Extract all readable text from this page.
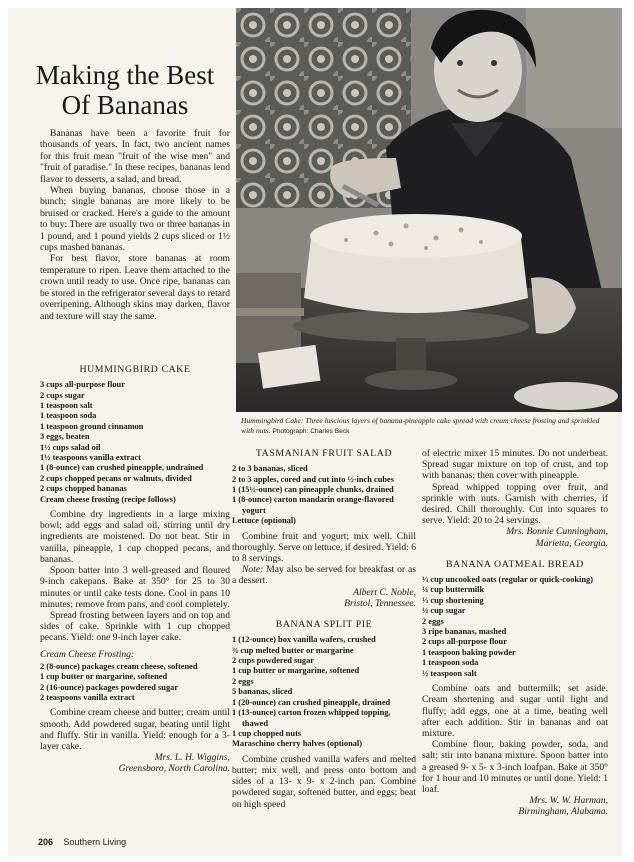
Making the Best Of Bananas

Bananas have been a favorite fruit for thousands of years. In fact, two ancient names for this fruit mean "fruit of the wise men" and "fruit of paradise." In these recipes, bananas lend flavor to desserts, a salad, and bread.

When buying bananas, choose those in a bunch; single bananas are more likely to be bruised or cracked. Here's a guide to the amount to buy: There are usually two or three bananas in 1 pound, and 1 pound yields 2 cups sliced or 1½ cups mashed bananas.

For best flavor, store bananas at room temperature to ripen. Leave them attached to the crown until ready to use. Once ripe, bananas can be stored in the refrigerator several days to retard overripening. Although skins may darken, flavor and texture will stay the same.

Hummingbird Cake: Three luscious layers of banana-pineapple cake spread with cream cheese frosting and sprinkled with nuts. Photograph: Charles Beck
HUMMINGBIRD CAKE
3 cups all-purpose flour
2 cups sugar
1 teaspoon salt
1 teaspoon soda
1 teaspoon ground cinnamon
3 eggs, beaten
1½ cups salad oil
1½ teaspoons vanilla extract
1 (8-ounce) can crushed pineapple, undrained
2 cups chopped pecans or walnuts, divided
2 cups chopped bananas
Cream cheese frosting (recipe follows)

Combine dry ingredients in a large mixing bowl; add eggs and salad oil, stirring until dry ingredients are moistened. Do not beat. Stir in vanilla, pineapple, 1 cup chopped pecans, and bananas.

Spoon batter into 3 well-greased and floured 9-inch cakepans. Bake at 350° for 25 to 30 minutes or until cake tests done. Cool in pans 10 minutes; remove from pans, and cool completely.

Spread frosting between layers and on top and sides of cake. Sprinkle with 1 cup chopped pecans. Yield: one 9-inch layer cake.

Cream Cheese Frosting:
2 (8-ounce) packages cream cheese, softened
1 cup butter or margarine, softened
2 (16-ounce) packages powdered sugar
2 teaspoons vanilla extract

Combine cream cheese and butter; cream until smooth. Add powdered sugar, beating until light and fluffy. Stir in vanilla. Yield: enough for a 3-layer cake.

Mrs. L. H. Wiggins,
Greensboro, North Carolina.
TASMANIAN FRUIT SALAD
2 to 3 bananas, sliced
2 to 3 apples, cored and cut into ½-inch cubes
1 (15½-ounce) can pineapple chunks, drained
1 (8-ounce) carton mandarin orange-flavored yogurt
Lettuce (optional)

Combine fruit and yogurt; mix well. Chill thoroughly. Serve on lettuce, if desired. Yield: 6 to 8 servings.

Note: May also be served for breakfast or as a dessert.

Albert C. Noble,
Bristol, Tennessee.
BANANA SPLIT PIE
1 (12-ounce) box vanilla wafers, crushed
¾ cup melted butter or margarine
2 cups powdered sugar
1 cup butter or margarine, softened
2 eggs
5 bananas, sliced
1 (20-ounce) can crushed pineapple, drained
1 (13-ounce) carton frozen whipped topping, thawed
1 cup chopped nuts
Maraschino cherry halves (optional)

Combine crushed vanilla wafers and melted butter; mix well, and press onto bottom and sides of a 13- x 9- x 2-inch pan. Combine powdered sugar, softened butter, and eggs; beat on high speed

of electric mixer 15 minutes. Do not underbeat. Spread sugar mixture on top of crust, and top with bananas; then cover with pineapple.

Spread whipped topping over fruit, and sprinkle with nuts. Garnish with cherries, if desired. Chill thoroughly. Cut into squares to serve. Yield: 20 to 24 servings.

Mrs. Bonnie Cunningham,
Marietta, Georgia.
BANANA OATMEAL BREAD
⅓ cup uncooked oats (regular or quick-cooking)
¼ cup buttermilk
⅓ cup shortening
½ cup sugar
2 eggs
3 ripe bananas, mashed
2 cups all-purpose flour
1 teaspoon baking powder
1 teaspoon soda
½ teaspoon salt

Combine oats and buttermilk; set aside. Cream shortening and sugar until light and fluffy; add eggs, one at a time, beating well after each addition. Stir in bananas and oat mixture.

Combine flour, baking powder, soda, and salt; stir into banana mixture. Spoon batter into a greased 9- x 5- x 3-inch loafpan. Bake at 350° for 1 hour and 10 minutes or until done. Yield: 1 loaf.

Mrs. W. W. Harman,
Birmingham, Alabama.
206 Southern Living
